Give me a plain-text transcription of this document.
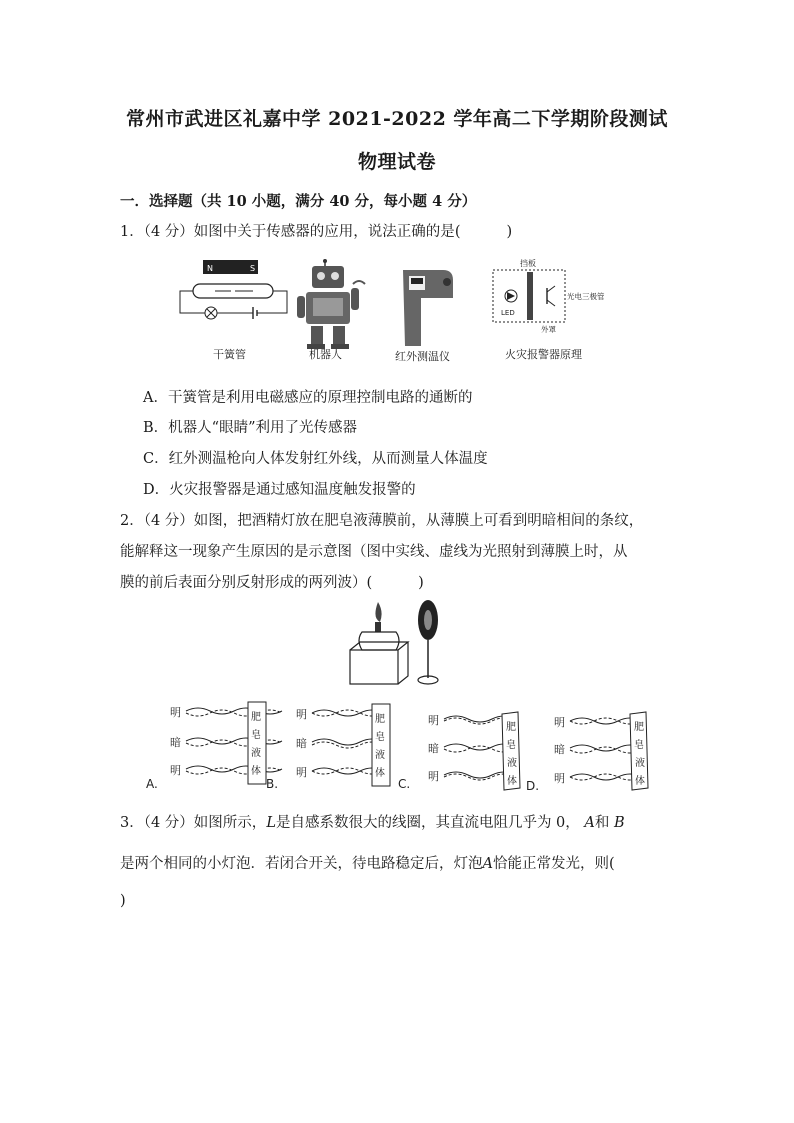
常州市武进区礼嘉中学 2021-2022 学年高二下学期阶段测试
物理试卷
一．选择题（共 10 小题，满分 40 分，每小题 4 分）
1．（4 分）如图中关于传感器的应用，说法正确的是(	)
N	S
挡板
LED
光电三极管
外罩
干簧管	机器人	红外测温仪	火灾报警器原理
A．干簧管是利用电磁感应的原理控制电路的通断的
B．机器人“眼睛”利用了光传感器
C．红外测温枪向人体发射红外线，从而测量人体温度
D．火灾报警器是通过感知温度触发报警的
2．（4 分）如图，把酒精灯放在肥皂液薄膜前，从薄膜上可看到明暗相间的条纹，
能解释这一现象产生原因的是示意图（图中实线、虚线为光照射到薄膜上时，从
膜的前后表面分别反射形成的两列波）(	)
明
暗
明
肥
皂
液
体
A.
明
暗
明
肥
皂
液
体
B.
明
暗
明
肥
皂
液
体
C.
明
暗
明
肥
皂
液
体
D.
3．（4 分）如图所示，L是自感系数很大的线圈，其直流电阻几乎为 0， A和 B
是两个相同的小灯泡．若闭合开关，待电路稳定后，灯泡A恰能正常发光，则(
)
